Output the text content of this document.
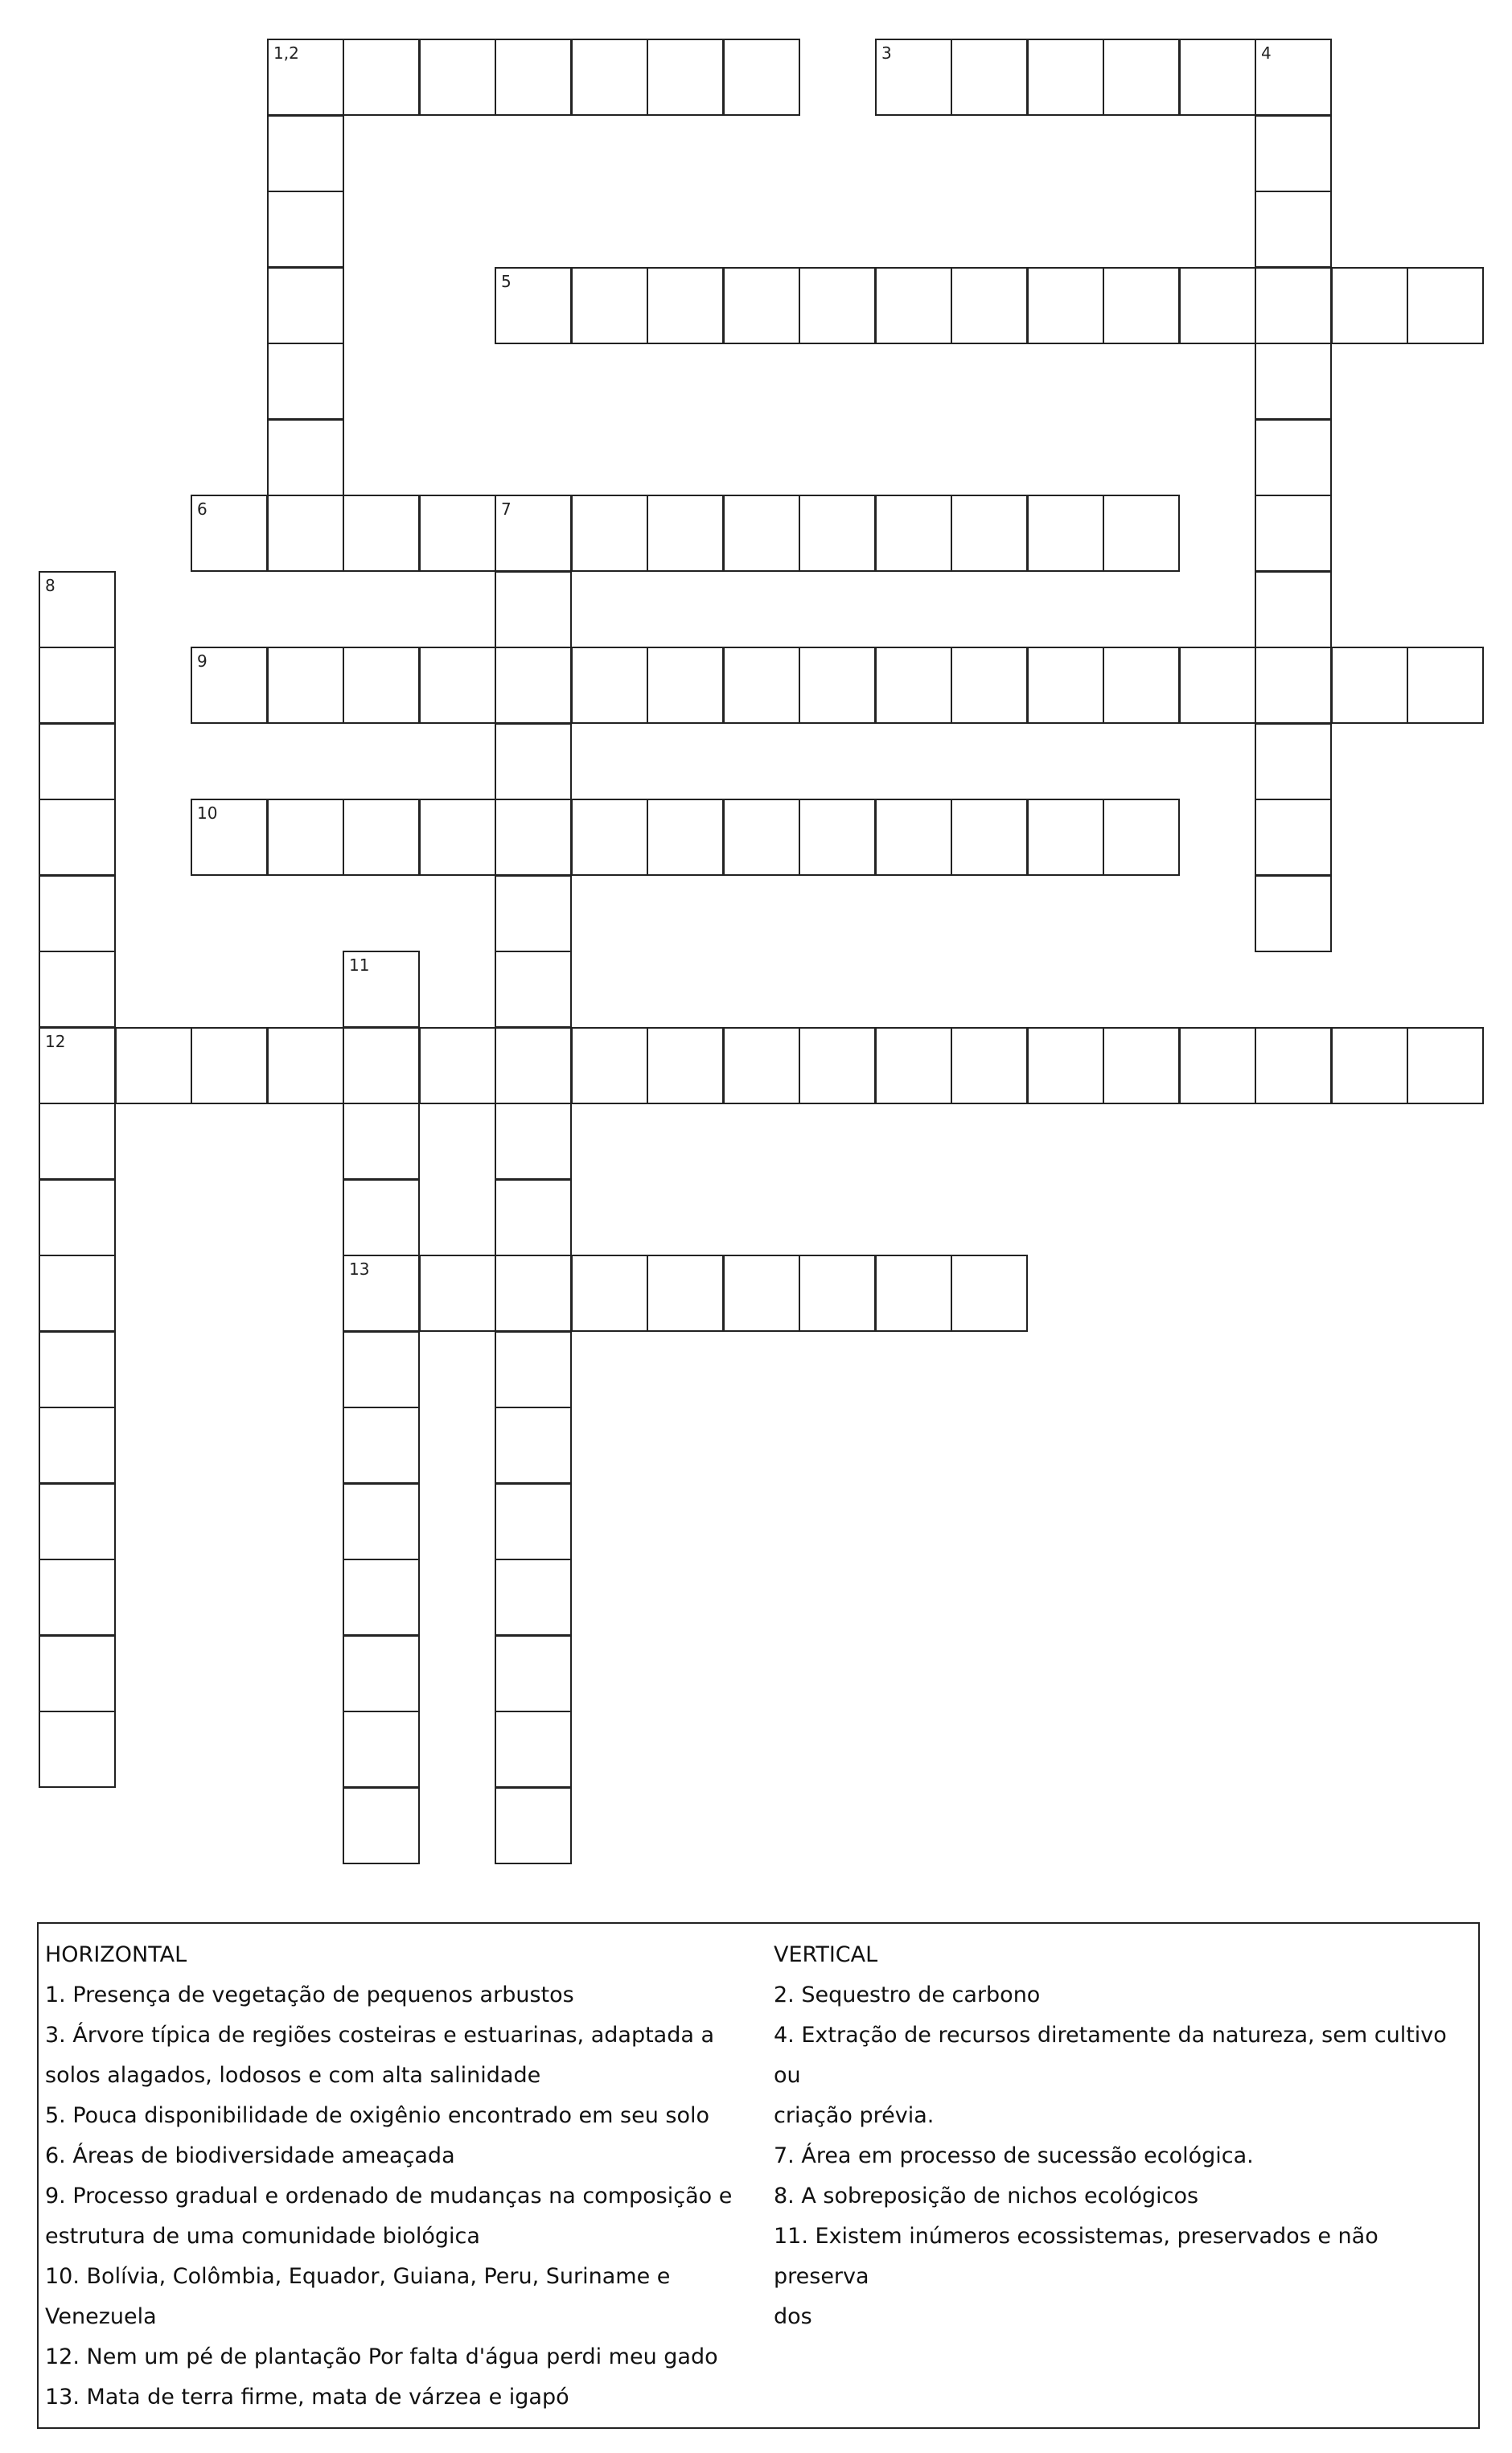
1,2	3	4
5
6	7
8
9
10
11
12
13

HORIZONTAL

1. Presença de vegetação de pequenos arbustos

3. Árvore típica de regiões costeiras e estuarinas, adaptada a

solos alagados, lodosos e com alta salinidade

5. Pouca disponibilidade de oxigênio encontrado em seu solo

6. Áreas de biodiversidade ameaçada

9. Processo gradual e ordenado de mudanças na composição e

estrutura de uma comunidade biológica

10. Bolívia, Colômbia, Equador, Guiana, Peru, Suriname e

Venezuela

12. Nem um pé de plantação Por falta d'água perdi meu gado

13. Mata de terra firme, mata de várzea e igapó

VERTICAL

2. Sequestro de carbono

4. Extração de recursos diretamente da natureza, sem cultivo ou

criação prévia.

7. Área em processo de sucessão ecológica.

8. A sobreposição de nichos ecológicos

11. Existem inúmeros ecossistemas, preservados e não preserva

dos
